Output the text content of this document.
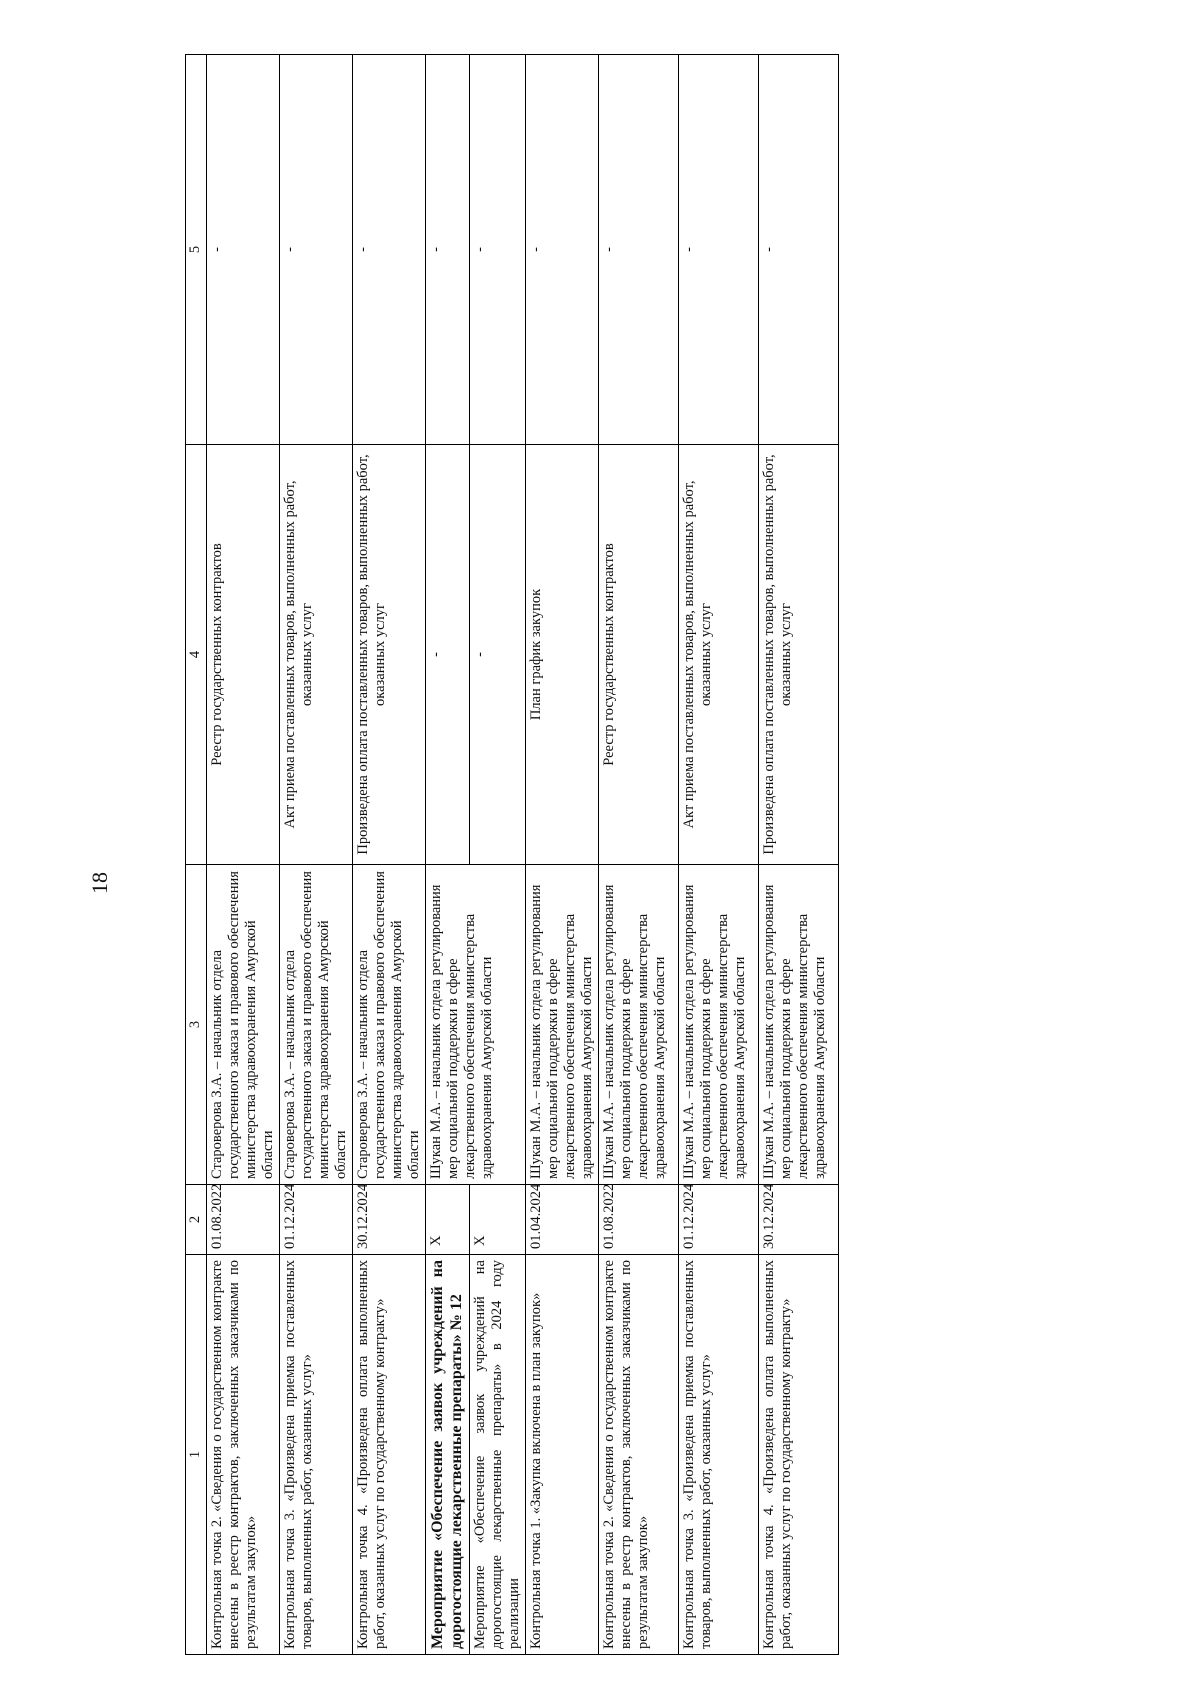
18
1	2	3	4	5
Контрольная точка 2. «Сведения о государственном контракте внесены в реестр контрактов, заключенных заказчиками по результатам закупок»	01.08.2022	Староверова З.А. – начальник отдела государственного заказа и правового обеспечения министерства здравоохранения Амурской области	Реестр государственных контрактов	-
Контрольная точка 3. «Произведена приемка поставленных товаров, выполненных работ, оказанных услуг»	01.12.2024	Староверова З.А. – начальник отдела государственного заказа и правового обеспечения министерства здравоохранения Амурской области	Акт приема поставленных товаров, выполненных работ, оказанных услуг	-
Контрольная точка 4. «Произведена оплата выполненных работ, оказанных услуг по государственному контракту»	30.12.2024	Староверова З.А. – начальник отдела государственного заказа и правового обеспечения министерства здравоохранения Амурской области	Произведена оплата поставленных товаров, выполненных работ, оказанных услуг	-
Мероприятие «Обеспечение заявок учреждений на дорогостоящие лекарственные препараты» № 12	Х	Шукан М.А. – начальник отдела регулирования мер социальной поддержки в сфере лекарственного обеспечения министерства здравоохранения Амурской области	-	-
Мероприятие «Обеспечение заявок учреждений на дорогостоящие лекарственные препараты» в 2024 году реализации	Х		-	-
Контрольная точка 1. «Закупка включена в план закупок»	01.04.2024	Шукан М.А. – начальник отдела регулирования мер социальной поддержки в сфере лекарственного обеспечения министерства здравоохранения Амурской области	План график закупок	-
Контрольная точка 2. «Сведения о государственном контракте внесены в реестр контрактов, заключенных заказчиками по результатам закупок»	01.08.2022	Шукан М.А. – начальник отдела регулирования мер социальной поддержки в сфере лекарственного обеспечения министерства здравоохранения Амурской области	Реестр государственных контрактов	-
Контрольная точка 3. «Произведена приемка поставленных товаров, выполненных работ, оказанных услуг»	01.12.2024	Шукан М.А. – начальник отдела регулирования мер социальной поддержки в сфере лекарственного обеспечения министерства здравоохранения Амурской области	Акт приема поставленных товаров, выполненных работ, оказанных услуг	-
Контрольная точка 4. «Произведена оплата выполненных работ, оказанных услуг по государственному контракту»	30.12.2024	Шукан М.А. – начальник отдела регулирования мер социальной поддержки в сфере лекарственного обеспечения министерства здравоохранения Амурской области	Произведена оплата поставленных товаров, выполненных работ, оказанных услуг	-
